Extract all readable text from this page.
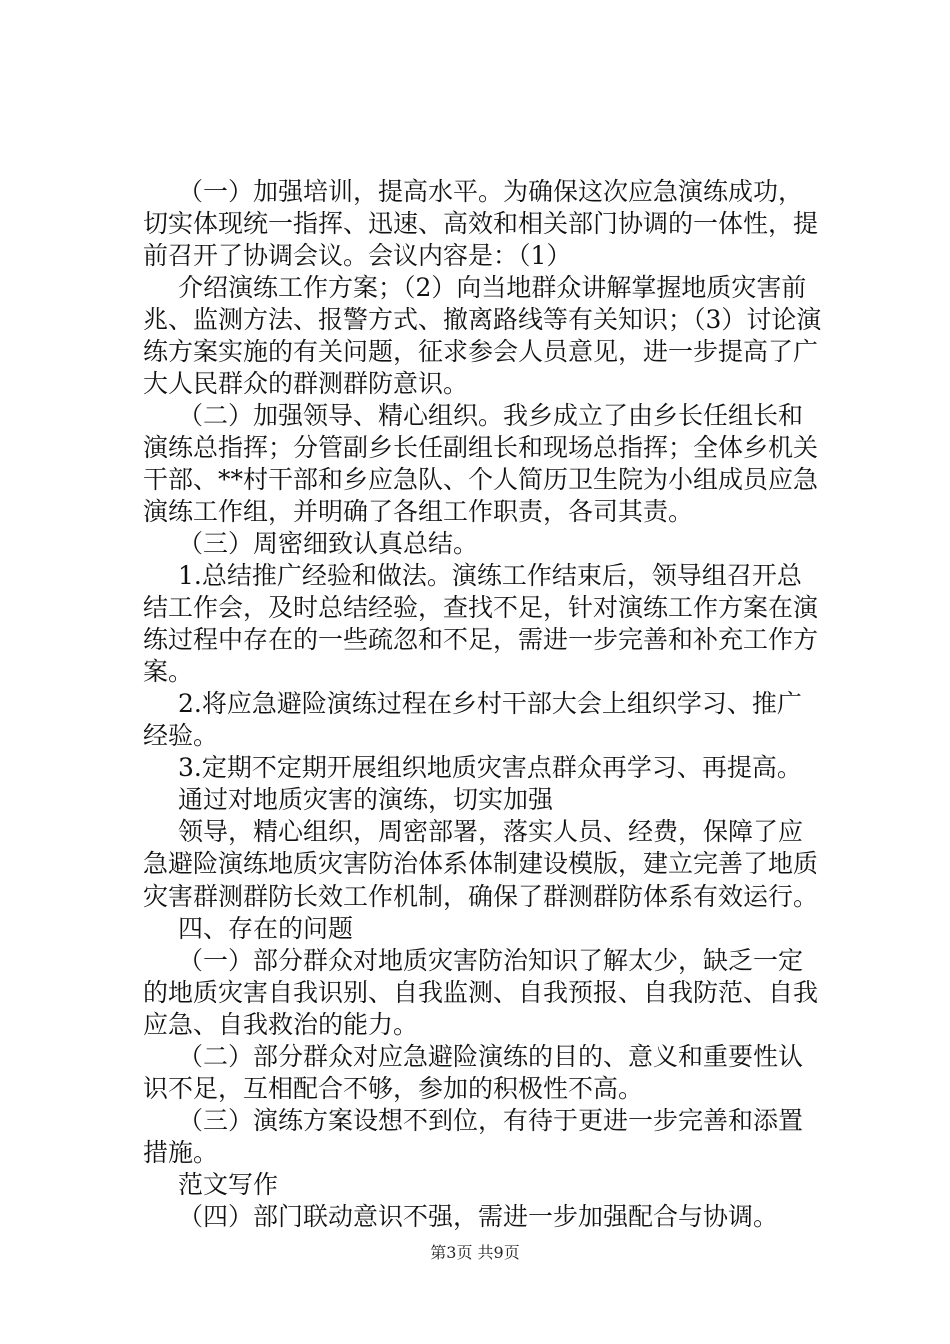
（一）加强培训，提高水平。为确保这次应急演练成功，
切实体现统一指挥、迅速、高效和相关部门协调的一体性，提
前召开了协调会议。会议内容是：（1）
介绍演练工作方案；（2）向当地群众讲解掌握地质灾害前
兆、监测方法、报警方式、撤离路线等有关知识；（3）讨论演
练方案实施的有关问题，征求参会人员意见，进一步提高了广
大人民群众的群测群防意识。
（二）加强领导、精心组织。我乡成立了由乡长任组长和
演练总指挥；分管副乡长任副组长和现场总指挥；全体乡机关
干部、**村干部和乡应急队、个人简历卫生院为小组成员应急
演练工作组，并明确了各组工作职责，各司其责。
（三）周密细致认真总结。
1.总结推广经验和做法。演练工作结束后，领导组召开总
结工作会，及时总结经验，查找不足，针对演练工作方案在演
练过程中存在的一些疏忽和不足，需进一步完善和补充工作方
案。
2.将应急避险演练过程在乡村干部大会上组织学习、推广
经验。
3.定期不定期开展组织地质灾害点群众再学习、再提高。
通过对地质灾害的演练，切实加强
领导，精心组织，周密部署，落实人员、经费，保障了应
急避险演练地质灾害防治体系体制建设模版，建立完善了地质
灾害群测群防长效工作机制，确保了群测群防体系有效运行。
四、存在的问题
（一）部分群众对地质灾害防治知识了解太少，缺乏一定
的地质灾害自我识别、自我监测、自我预报、自我防范、自我
应急、自我救治的能力。
（二）部分群众对应急避险演练的目的、意义和重要性认
识不足，互相配合不够，参加的积极性不高。
（三）演练方案设想不到位，有待于更进一步完善和添置
措施。
范文写作
（四）部门联动意识不强，需进一步加强配合与协调。
第3页 共9页
